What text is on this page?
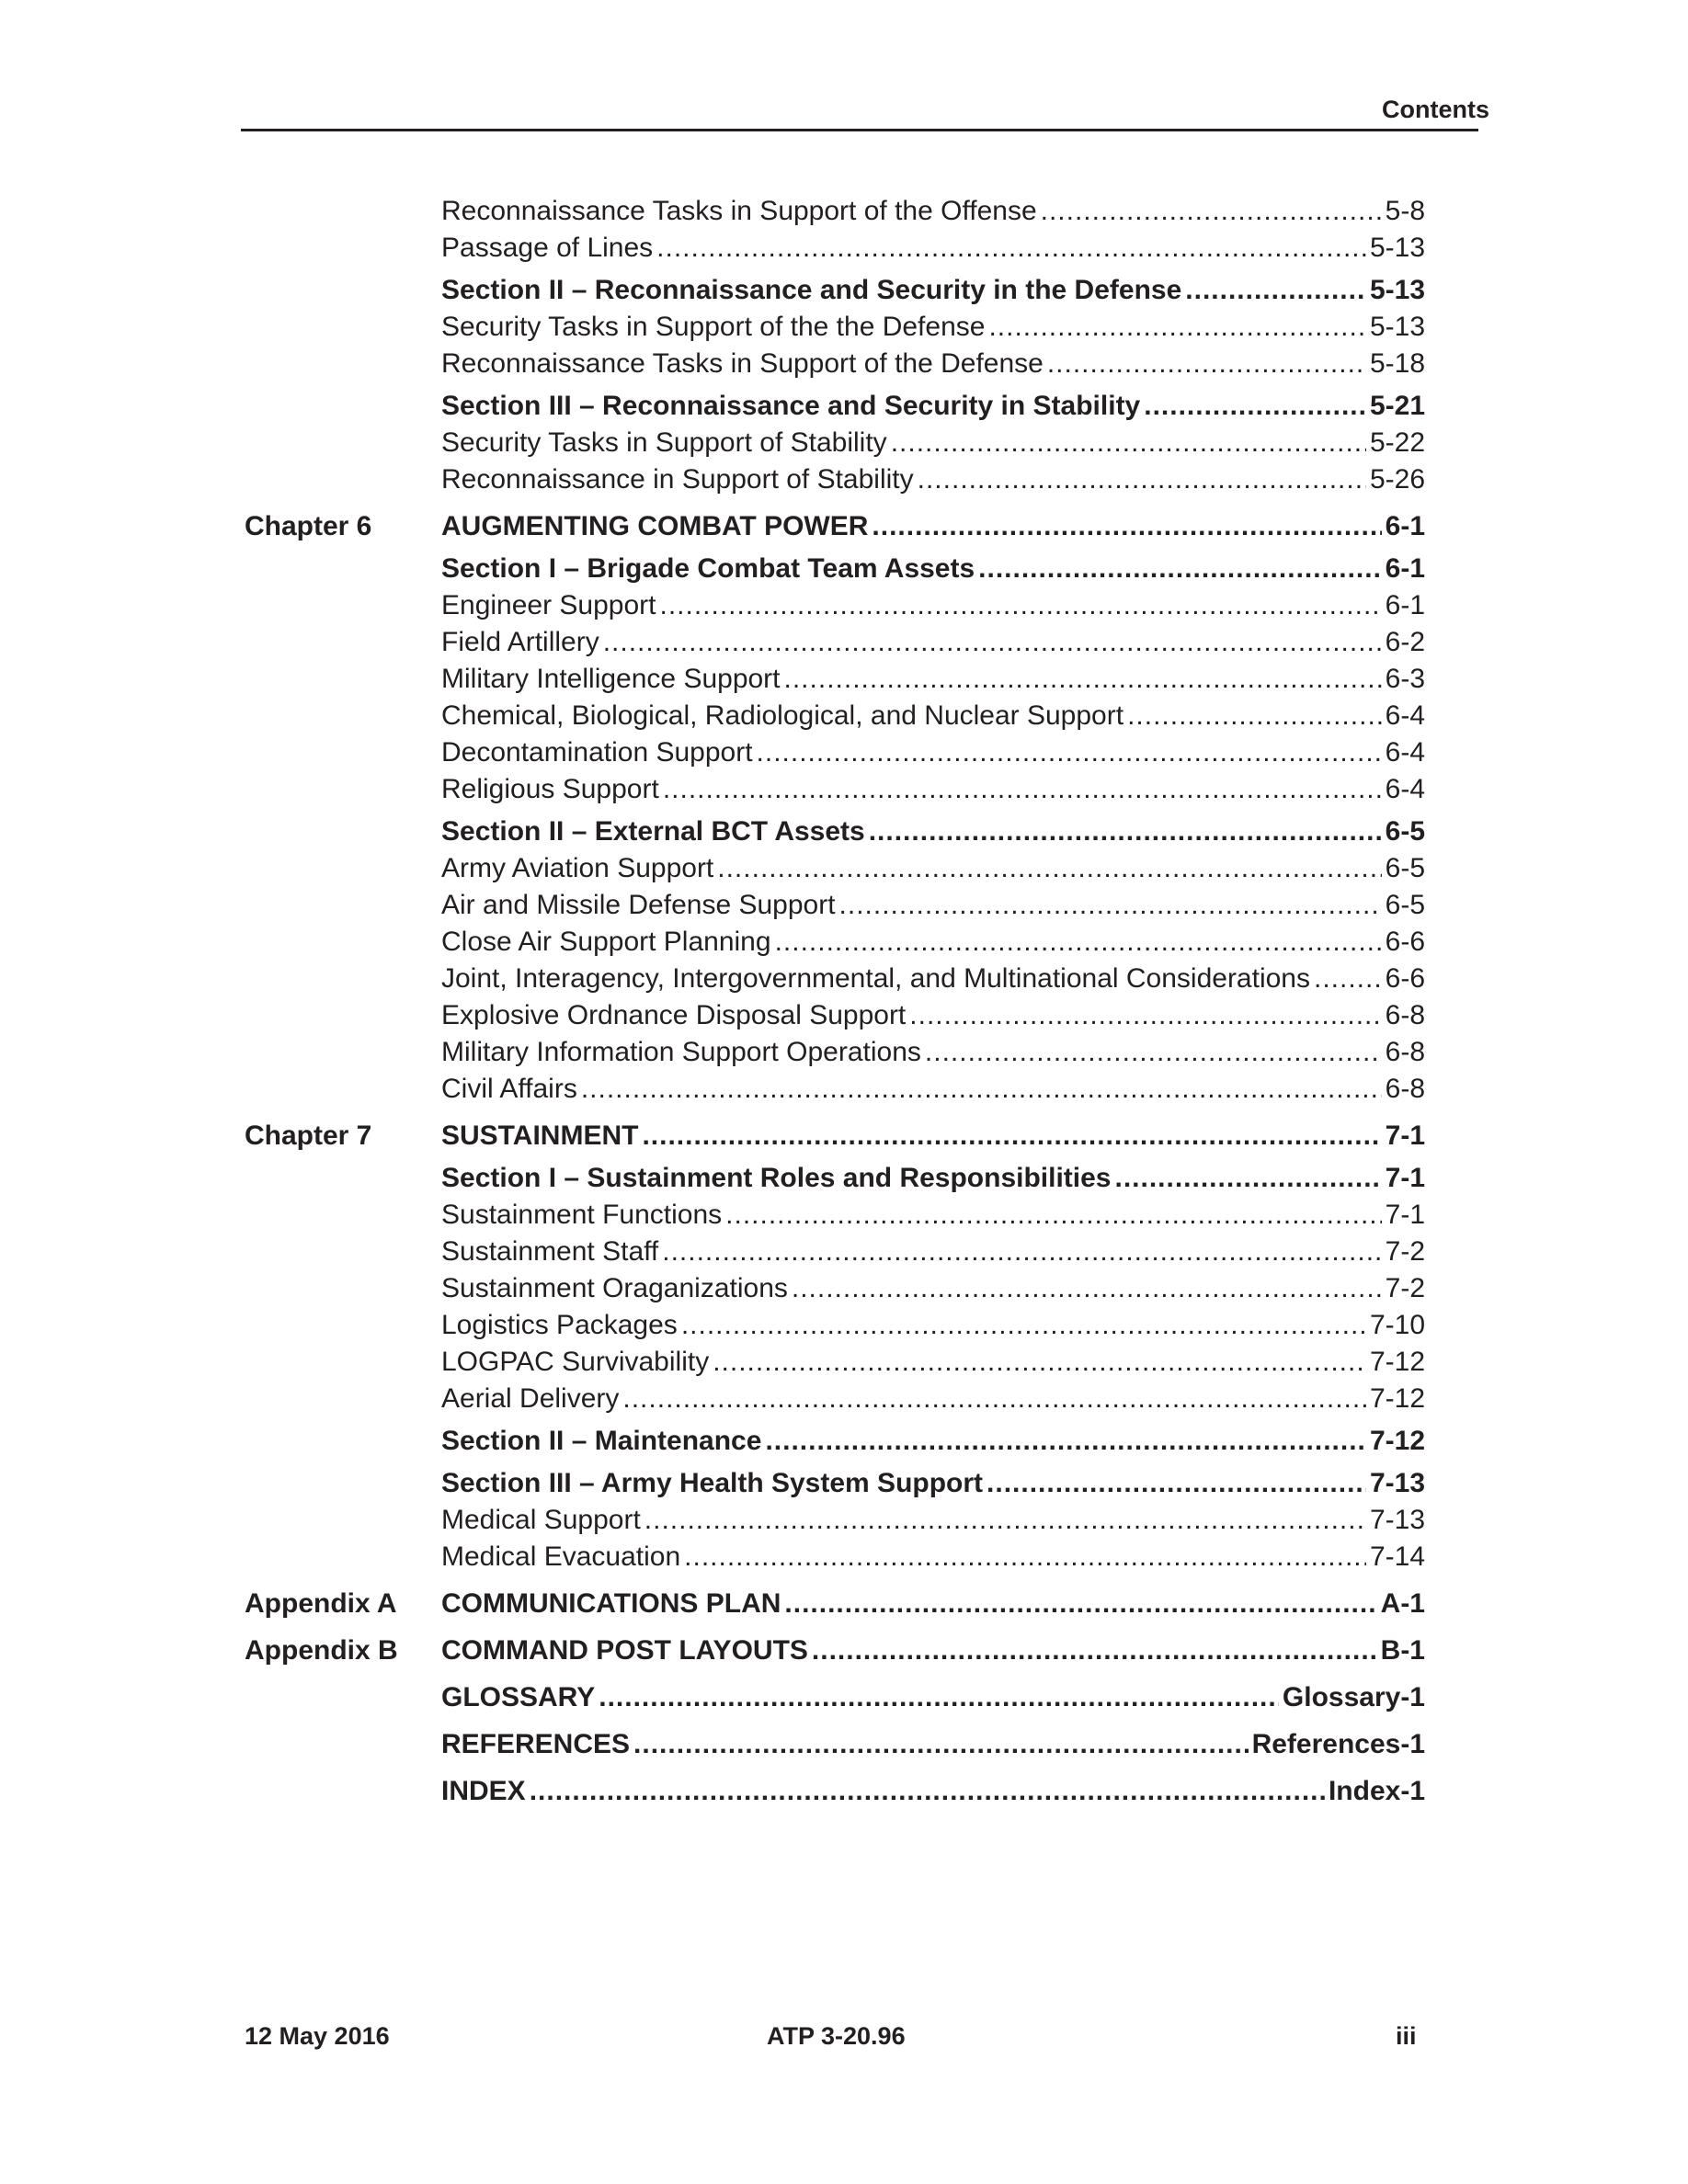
Contents
Reconnaissance Tasks in Support of the Offense .....	5-8
Passage of Lines .....	5-13
Section II – Reconnaissance and Security in the Defense .....	5-13
Security Tasks in Support of the the Defense .....	5-13
Reconnaissance Tasks in Support of the Defense .....	5-18
Section III – Reconnaissance and Security in Stability .....	5-21
Security Tasks in Support of Stability .....	5-22
Reconnaissance in Support of Stability .....	5-26
Chapter 6	AUGMENTING COMBAT POWER .....	6-1
Section I – Brigade Combat Team Assets .....	6-1
Engineer Support .....	6-1
Field Artillery .....	6-2
Military Intelligence Support .....	6-3
Chemical, Biological, Radiological, and Nuclear Support .....	6-4
Decontamination Support .....	6-4
Religious Support .....	6-4
Section II – External BCT Assets .....	6-5
Army Aviation Support .....	6-5
Air and Missile Defense Support .....	6-5
Close Air Support Planning .....	6-6
Joint, Interagency, Intergovernmental, and Multinational Considerations .....	6-6
Explosive Ordnance Disposal Support .....	6-8
Military Information Support Operations .....	6-8
Civil Affairs .....	6-8
Chapter 7	SUSTAINMENT .....	7-1
Section I – Sustainment Roles and Responsibilities .....	7-1
Sustainment Functions .....	7-1
Sustainment Staff .....	7-2
Sustainment Oraganizations .....	7-2
Logistics Packages .....	7-10
LOGPAC Survivability .....	7-12
Aerial Delivery .....	7-12
Section II – Maintenance .....	7-12
Section III – Army Health System Support .....	7-13
Medical Support .....	7-13
Medical Evacuation .....	7-14
Appendix A	COMMUNICATIONS PLAN .....	A-1
Appendix B	COMMAND POST LAYOUTS .....	B-1
GLOSSARY .....	Glossary-1
REFERENCES .....	References-1
INDEX .....	Index-1
12 May 2016	ATP 3-20.96	iii
